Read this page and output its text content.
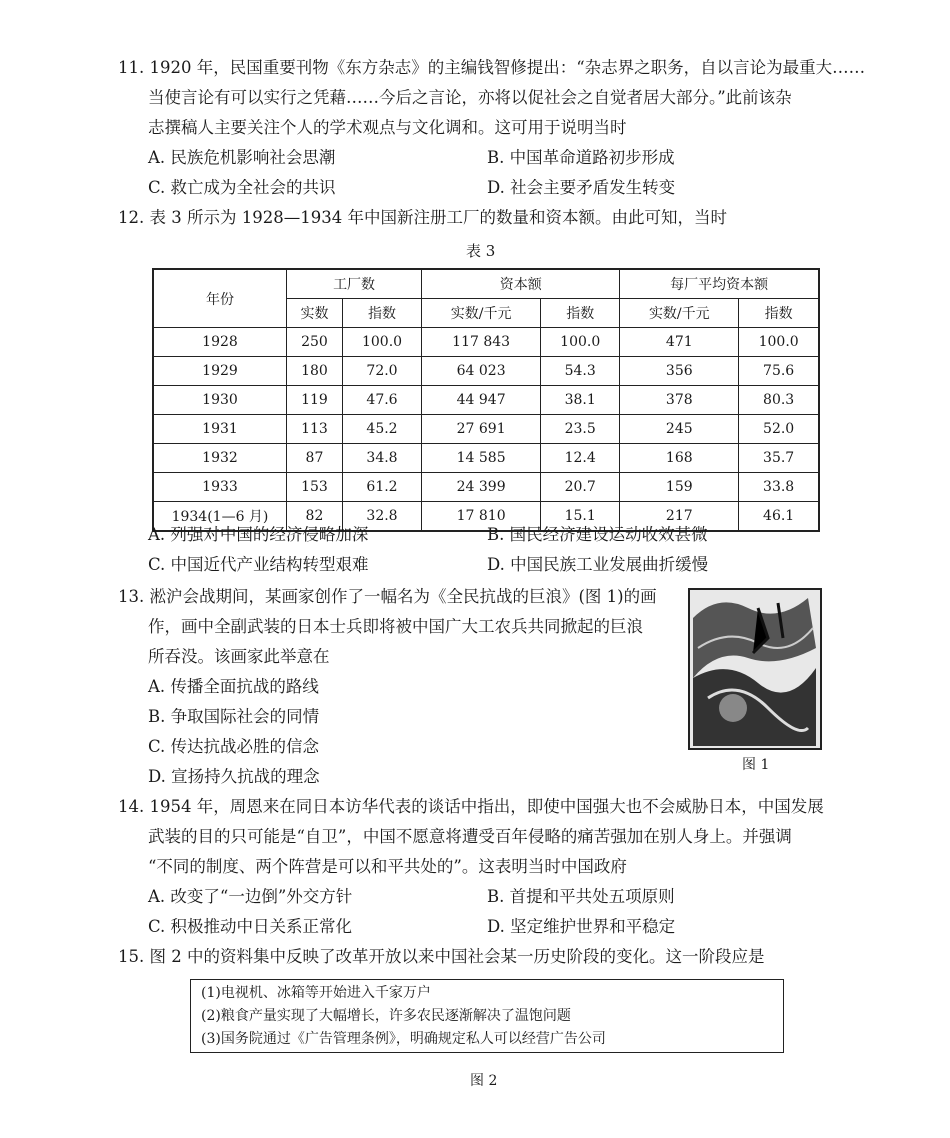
11. 1920 年，民国重要刊物《东方杂志》的主编钱智修提出：“杂志界之职务，自以言论为最重大……
当使言论有可以实行之凭藉……今后之言论，亦将以促社会之自觉者居大部分。”此前该杂
志撰稿人主要关注个人的学术观点与文化调和。这可用于说明当时
A. 民族危机影响社会思潮	B. 中国革命道路初步形成
C. 救亡成为全社会的共识	D. 社会主要矛盾发生转变
12. 表 3 所示为 1928—1934 年中国新注册工厂的数量和资本额。由此可知，当时
表 3
年份	工厂数		资本额		每厂平均资本额	
	实数	指数	实数/千元	指数	实数/千元	指数
1928	250	100.0	117 843	100.0	471	100.0
1929	180	72.0	64 023	54.3	356	75.6
1930	119	47.6	44 947	38.1	378	80.3
1931	113	45.2	27 691	23.5	245	52.0
1932	87	34.8	14 585	12.4	168	35.7
1933	153	61.2	24 399	20.7	159	33.8
1934(1—6 月)	82	32.8	17 810	15.1	217	46.1
A. 列强对中国的经济侵略加深	B. 国民经济建设运动收效甚微
C. 中国近代产业结构转型艰难	D. 中国民族工业发展曲折缓慢
13. 淞沪会战期间，某画家创作了一幅名为《全民抗战的巨浪》(图 1)的画
作，画中全副武装的日本士兵即将被中国广大工农兵共同掀起的巨浪
所吞没。该画家此举意在
A. 传播全面抗战的路线
B. 争取国际社会的同情
C. 传达抗战必胜的信念
D. 宣扬持久抗战的理念
图 1
14. 1954 年，周恩来在同日本访华代表的谈话中指出，即使中国强大也不会威胁日本，中国发展
武装的目的只可能是“自卫”，中国不愿意将遭受百年侵略的痛苦强加在别人身上。并强调
“不同的制度、两个阵营是可以和平共处的”。这表明当时中国政府
A. 改变了“一边倒”外交方针	B. 首提和平共处五项原则
C. 积极推动中日关系正常化	D. 坚定维护世界和平稳定
15. 图 2 中的资料集中反映了改革开放以来中国社会某一历史阶段的变化。这一阶段应是
(1)电视机、冰箱等开始进入千家万户
(2)粮食产量实现了大幅增长，许多农民逐渐解决了温饱问题
(3)国务院通过《广告管理条例》，明确规定私人可以经营广告公司
图 2
